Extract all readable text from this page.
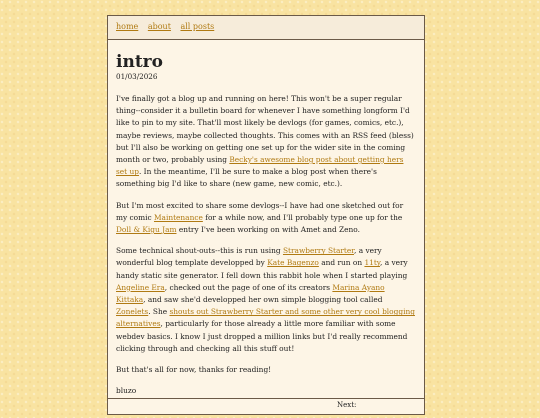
home about all posts
intro
01/03/2026

I've finally got a blog up and running on here! This won't be a super regular thing--consider it a bulletin board for whenever I have something longform I'd like to pin to my site. That'll most likely be devlogs (for games, comics, etc.), maybe reviews, maybe collected thoughts. This comes with an RSS feed (bless) but I'll also be working on getting one set up for the wider site in the coming month or two, probably using Becky's awesome blog post about getting hers set up. In the meantime, I'll be sure to make a blog post when there's something big I'd like to share (new game, new comic, etc.).

But I'm most excited to share some devlogs--I have had one sketched out for my comic Maintenance for a while now, and I'll probably type one up for the Doll & Kigu Jam entry I've been working on with Amet and Zeno.

Some technical shout-outs--this is run using Strawberry Starter, a very wonderful blog template developped by Kate Bagenzo and run on 11ty, a very handy static site generator. I fell down this rabbit hole when I started playing Angeline Era, checked out the page of one of its creators Marina Ayano Kittaka, and saw she'd developped her own simple blogging tool called Zonelets. She shouts out Strawberry Starter and some other very cool blogging alternatives, particularly for those already a little more familiar with some webdev basics. I know I just dropped a million links but I'd really recommend clicking through and checking all this stuff out!

But that's all for now, thanks for reading!

bluzo

Next:
